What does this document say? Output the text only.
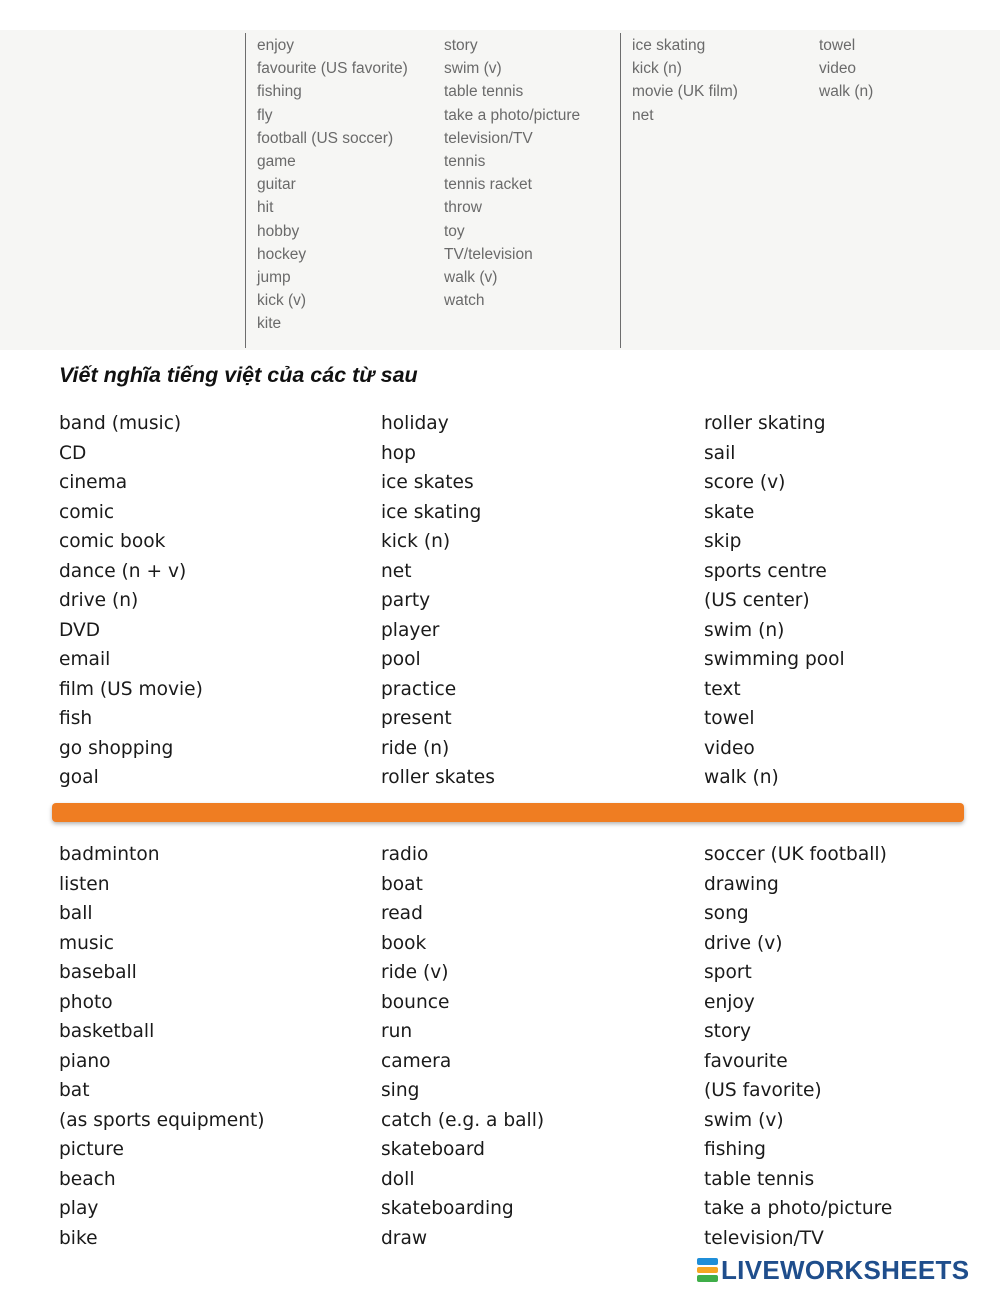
enjoy
favourite (US favorite)
fishing
fly
football (US soccer)
game
guitar
hit
hobby
hockey
jump
kick (v)
kite
story
swim (v)
table tennis
take a photo/picture
television/TV
tennis
tennis racket
throw
toy
TV/television
walk (v)
watch
ice skating
kick (n)
movie (UK film)
net
towel
video
walk (n)
Viết nghĩa tiếng việt của các từ sau
band (music)
CD
cinema
comic
comic book
dance (n + v)
drive (n)
DVD
email
film (US movie)
fish
go shopping
goal
holiday
hop
ice skates
ice skating
kick (n)
net
party
player
pool
practice
present
ride (n)
roller skates
roller skating
sail
score (v)
skate
skip
sports centre
(US center)
swim (n)
swimming pool
text
towel
video
walk (n)
badminton
listen
ball
music
baseball
photo
basketball
piano
bat
(as sports equipment)
picture
beach
play
bike
radio
boat
read
book
ride (v)
bounce
run
camera
sing
catch (e.g. a ball)
skateboard
doll
skateboarding
draw
soccer (UK football)
drawing
song
drive (v)
sport
enjoy
story
favourite
(US favorite)
swim (v)
fishing
table tennis
take a photo/picture
television/TV
LIVEWORKSHEETS
